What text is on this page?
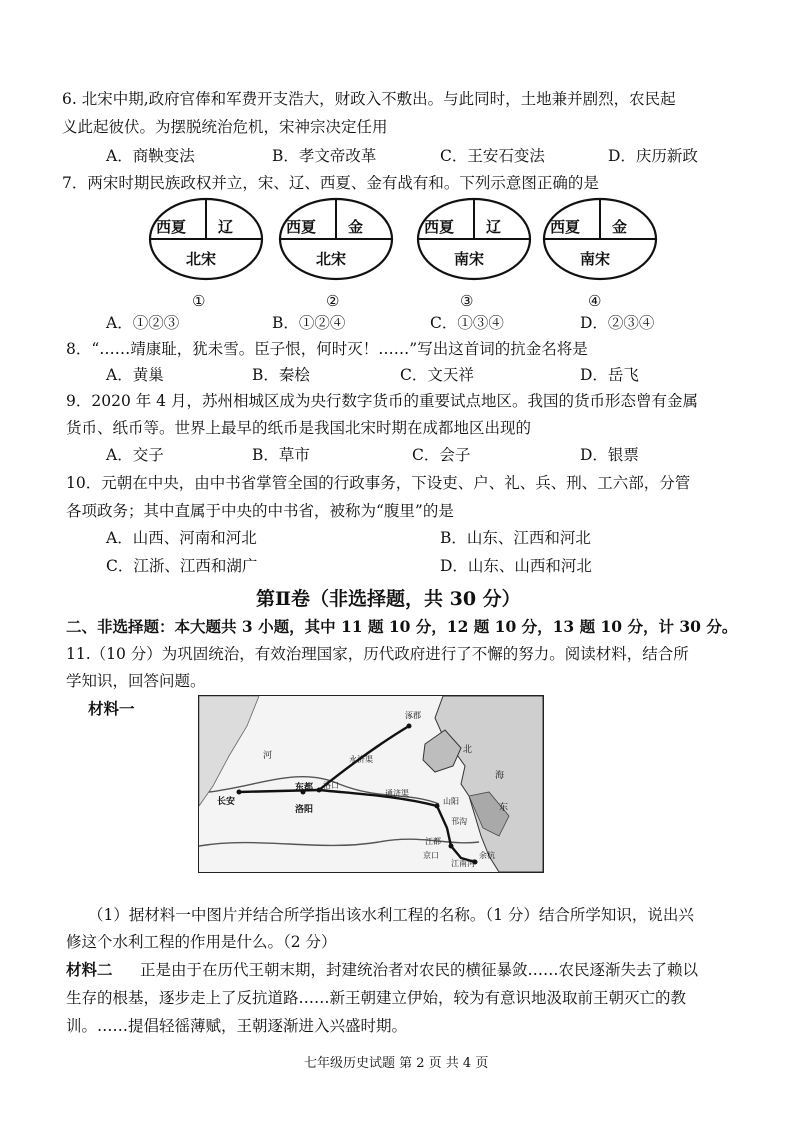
6. 北宋中期,政府官俸和军费开支浩大，财政入不敷出。与此同时，土地兼并剧烈，农民起
义此起彼伏。为摆脱统治危机，宋神宗决定任用
A．商鞅变法	B．孝文帝改革	C．王安石变法	D．庆历新政
7．两宋时期民族政权并立，宋、辽、西夏、金有战有和。下列示意图正确的是
西夏 辽
北宋
①
西夏 金
北宋
②
西夏 辽
南宋
③
西夏 金
南宋
④
A．①②③	B．①②④	C．①③④	D．②③④
8．“……靖康耻，犹未雪。臣子恨，何时灭！……”写出这首词的抗金名将是
A．黄巢	B．秦桧	C．文天祥	D．岳飞
9．2020 年 4 月，苏州相城区成为央行数字货币的重要试点地区。我国的货币形态曾有金属
货币、纸币等。世界上最早的纸币是我国北宋时期在成都地区出现的
A．交子	B．草市	C．会子	D．银票
10．元朝在中央，由中书省掌管全国的行政事务，下设吏、户、礼、兵、刑、工六部，分管
各项政务；其中直属于中央的中书省，被称为“腹里”的是
A．山西、河南和河北	B．山东、江西和河北
C．江浙、江西和湖广	D．山东、山西和河北
第Ⅱ卷（非选择题，共 30 分）
二、非选择题：本大题共 3 小题，其中 11 题 10 分，12 题 10 分，13 题 10 分，计 30 分。
11.（10 分）为巩固统治，有效治理国家，历代政府进行了不懈的努力。阅读材料，结合所
学知识，回答问题。
材料一	涿郡
长安
洛阳
东都 洛口
永济渠
通济渠
山阳
邗沟
江都
京口
江南河
余杭
北
海
东
河
（1）据材料一中图片并结合所学指出该水利工程的名称。（1 分）结合所学知识，说出兴
修这个水利工程的作用是什么。（2 分）
材料二 正是由于在历代王朝末期，封建统治者对农民的横征暴敛……农民逐渐失去了赖以
生存的根基，逐步走上了反抗道路……新王朝建立伊始，较为有意识地汲取前王朝灭亡的教
训。……提倡轻徭薄赋，王朝逐渐进入兴盛时期。
七年级历史试题 第 2 页 共 4 页
